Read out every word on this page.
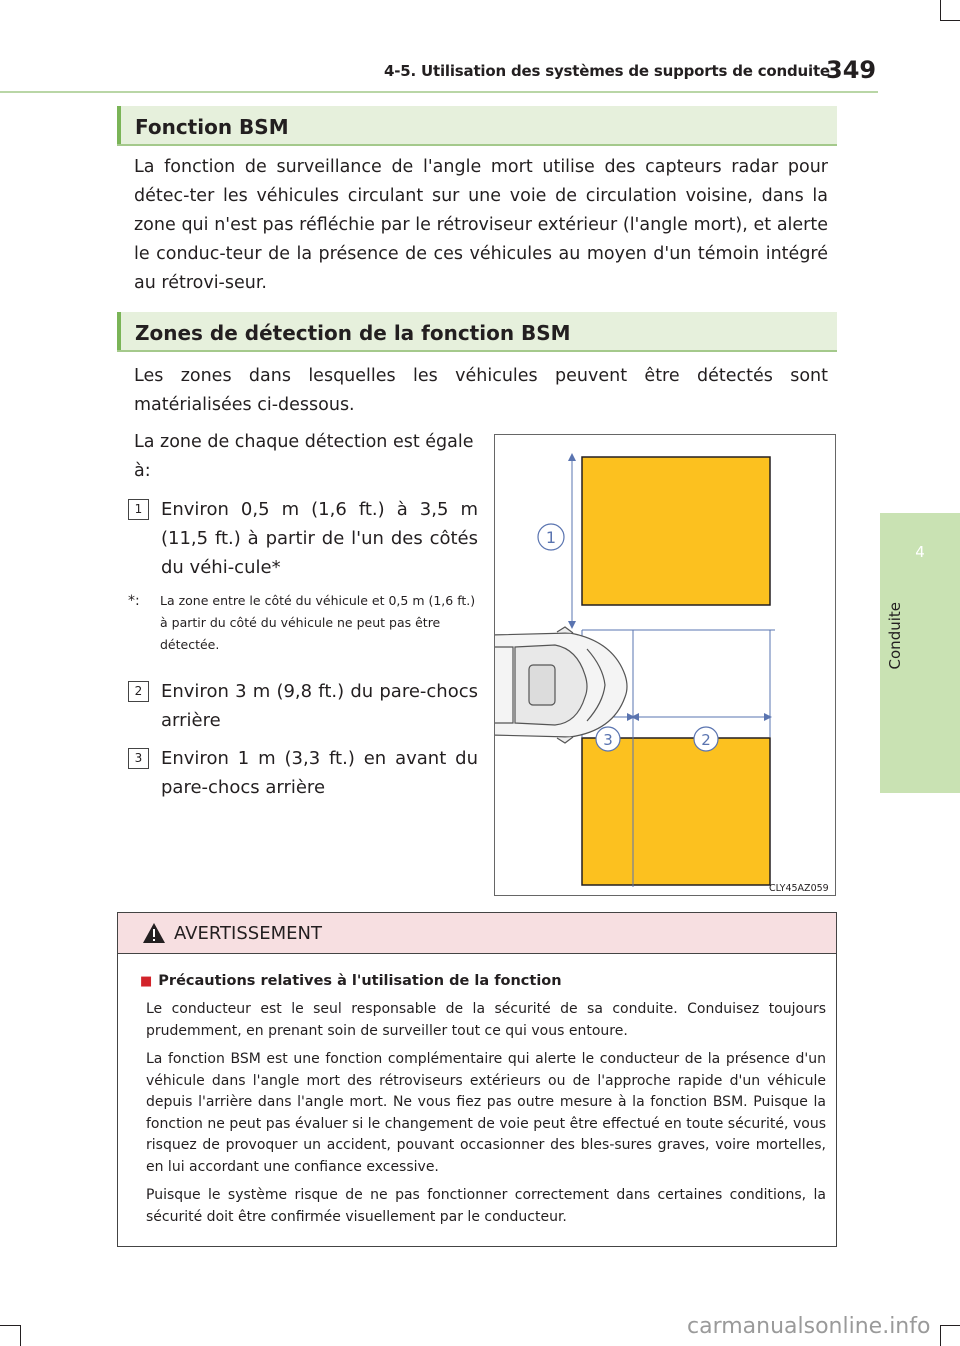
4-5. Utilisation des systèmes de supports de conduite
349
4
Conduite
Fonction BSM
La fonction de surveillance de l'angle mort utilise des capteurs radar pour détec-ter les véhicules circulant sur une voie de circulation voisine, dans la zone qui n'est pas réfléchie par le rétroviseur extérieur (l'angle mort), et alerte le conduc-teur de la présence de ces véhicules au moyen d'un témoin intégré au rétrovi-seur.
Zones de détection de la fonction BSM
Les zones dans lesquelles les véhicules peuvent être détectés sont matérialisées ci-dessous.
La zone de chaque détection est égale à:
1	Environ 0,5 m (1,6 ft.) à 3,5 m (11,5 ft.) à partir de l'un des côtés du véhi-cule*
*: La zone entre le côté du véhicule et 0,5 m (1,6 ft.) à partir du côté du véhicule ne peut pas être détectée.
2	Environ 3 m (9,8 ft.) du pare-chocs arrière
3	Environ 1 m (3,3 ft.) en avant du pare-chocs arrière
1
3	2
CLY45AZ059
AVERTISSEMENT
■ Précautions relatives à l'utilisation de la fonction
Le conducteur est le seul responsable de la sécurité de sa conduite. Conduisez toujours prudemment, en prenant soin de surveiller tout ce qui vous entoure.
La fonction BSM est une fonction complémentaire qui alerte le conducteur de la présence d'un véhicule dans l'angle mort des rétroviseurs extérieurs ou de l'approche rapide d'un véhicule depuis l'arrière dans l'angle mort. Ne vous fiez pas outre mesure à la fonction BSM. Puisque la fonction ne peut pas évaluer si le changement de voie peut être effectué en toute sécurité, vous risquez de provoquer un accident, pouvant occasionner des bles-sures graves, voire mortelles, en lui accordant une confiance excessive.
Puisque le système risque de ne pas fonctionner correctement dans certaines conditions, la sécurité doit être confirmée visuellement par le conducteur.
carmanualsonline.info
